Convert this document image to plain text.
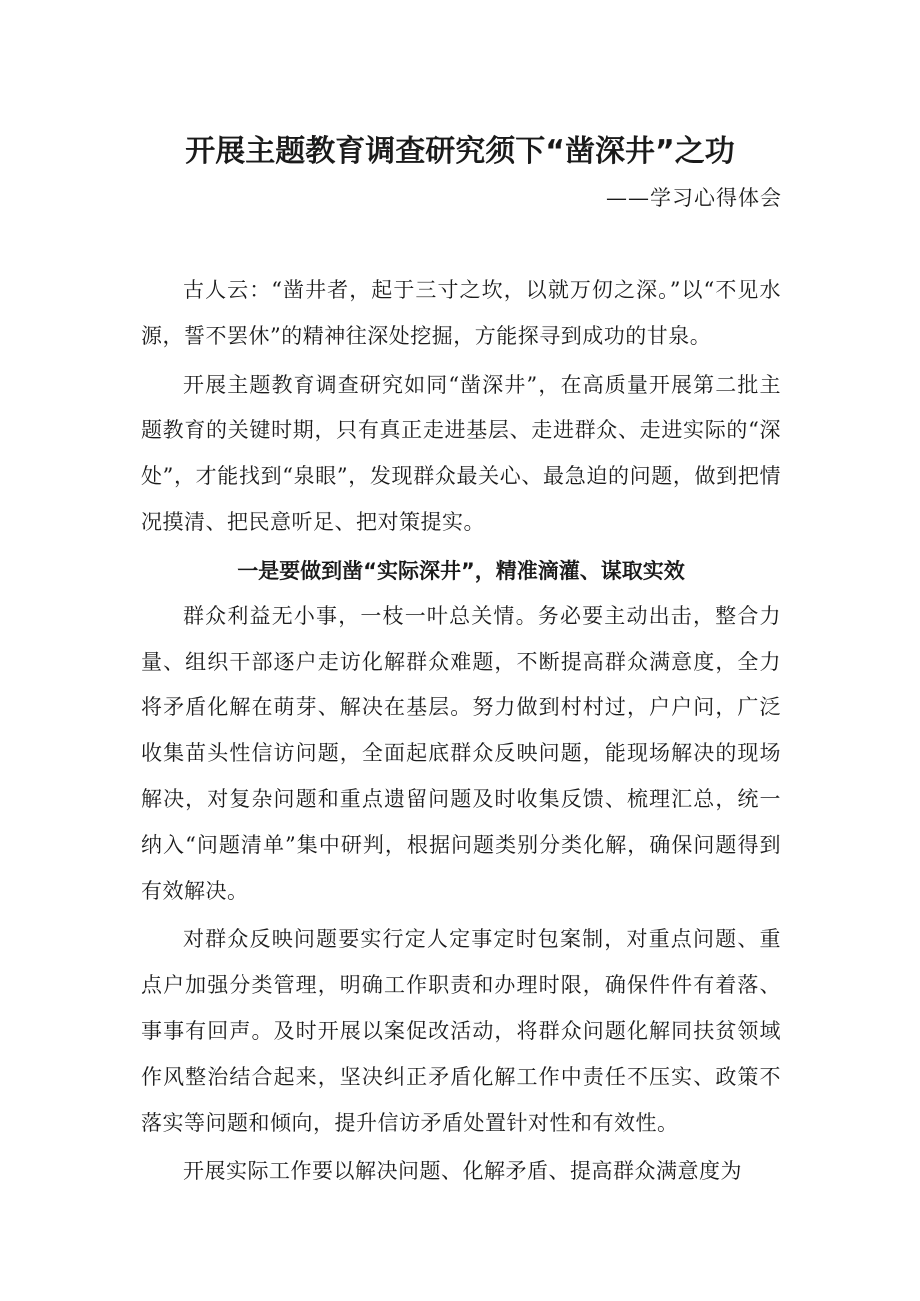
开展主题教育调查研究须下“凿深井”之功

——学习心得体会

古人云：“凿井者，起于三寸之坎，以就万仞之深。”以“不见水源，誓不罢休”的精神往深处挖掘，方能探寻到成功的甘泉。

开展主题教育调查研究如同“凿深井”，在高质量开展第二批主题教育的关键时期，只有真正走进基层、走进群众、走进实际的“深处”，才能找到“泉眼”，发现群众最关心、最急迫的问题，做到把情况摸清、把民意听足、把对策提实。

一是要做到凿“实际深井”，精准滴灌、谋取实效

群众利益无小事，一枝一叶总关情。务必要主动出击，整合力量、组织干部逐户走访化解群众难题，不断提高群众满意度，全力将矛盾化解在萌芽、解决在基层。努力做到村村过，户户问，广泛收集苗头性信访问题，全面起底群众反映问题，能现场解决的现场解决，对复杂问题和重点遗留问题及时收集反馈、梳理汇总，统一纳入“问题清单”集中研判，根据问题类别分类化解，确保问题得到有效解决。

对群众反映问题要实行定人定事定时包案制，对重点问题、重点户加强分类管理，明确工作职责和办理时限，确保件件有着落、事事有回声。及时开展以案促改活动，将群众问题化解同扶贫领域作风整治结合起来，坚决纠正矛盾化解工作中责任不压实、政策不落实等问题和倾向，提升信访矛盾处置针对性和有效性。

开展实际工作要以解决问题、化解矛盾、提高群众满意度为
